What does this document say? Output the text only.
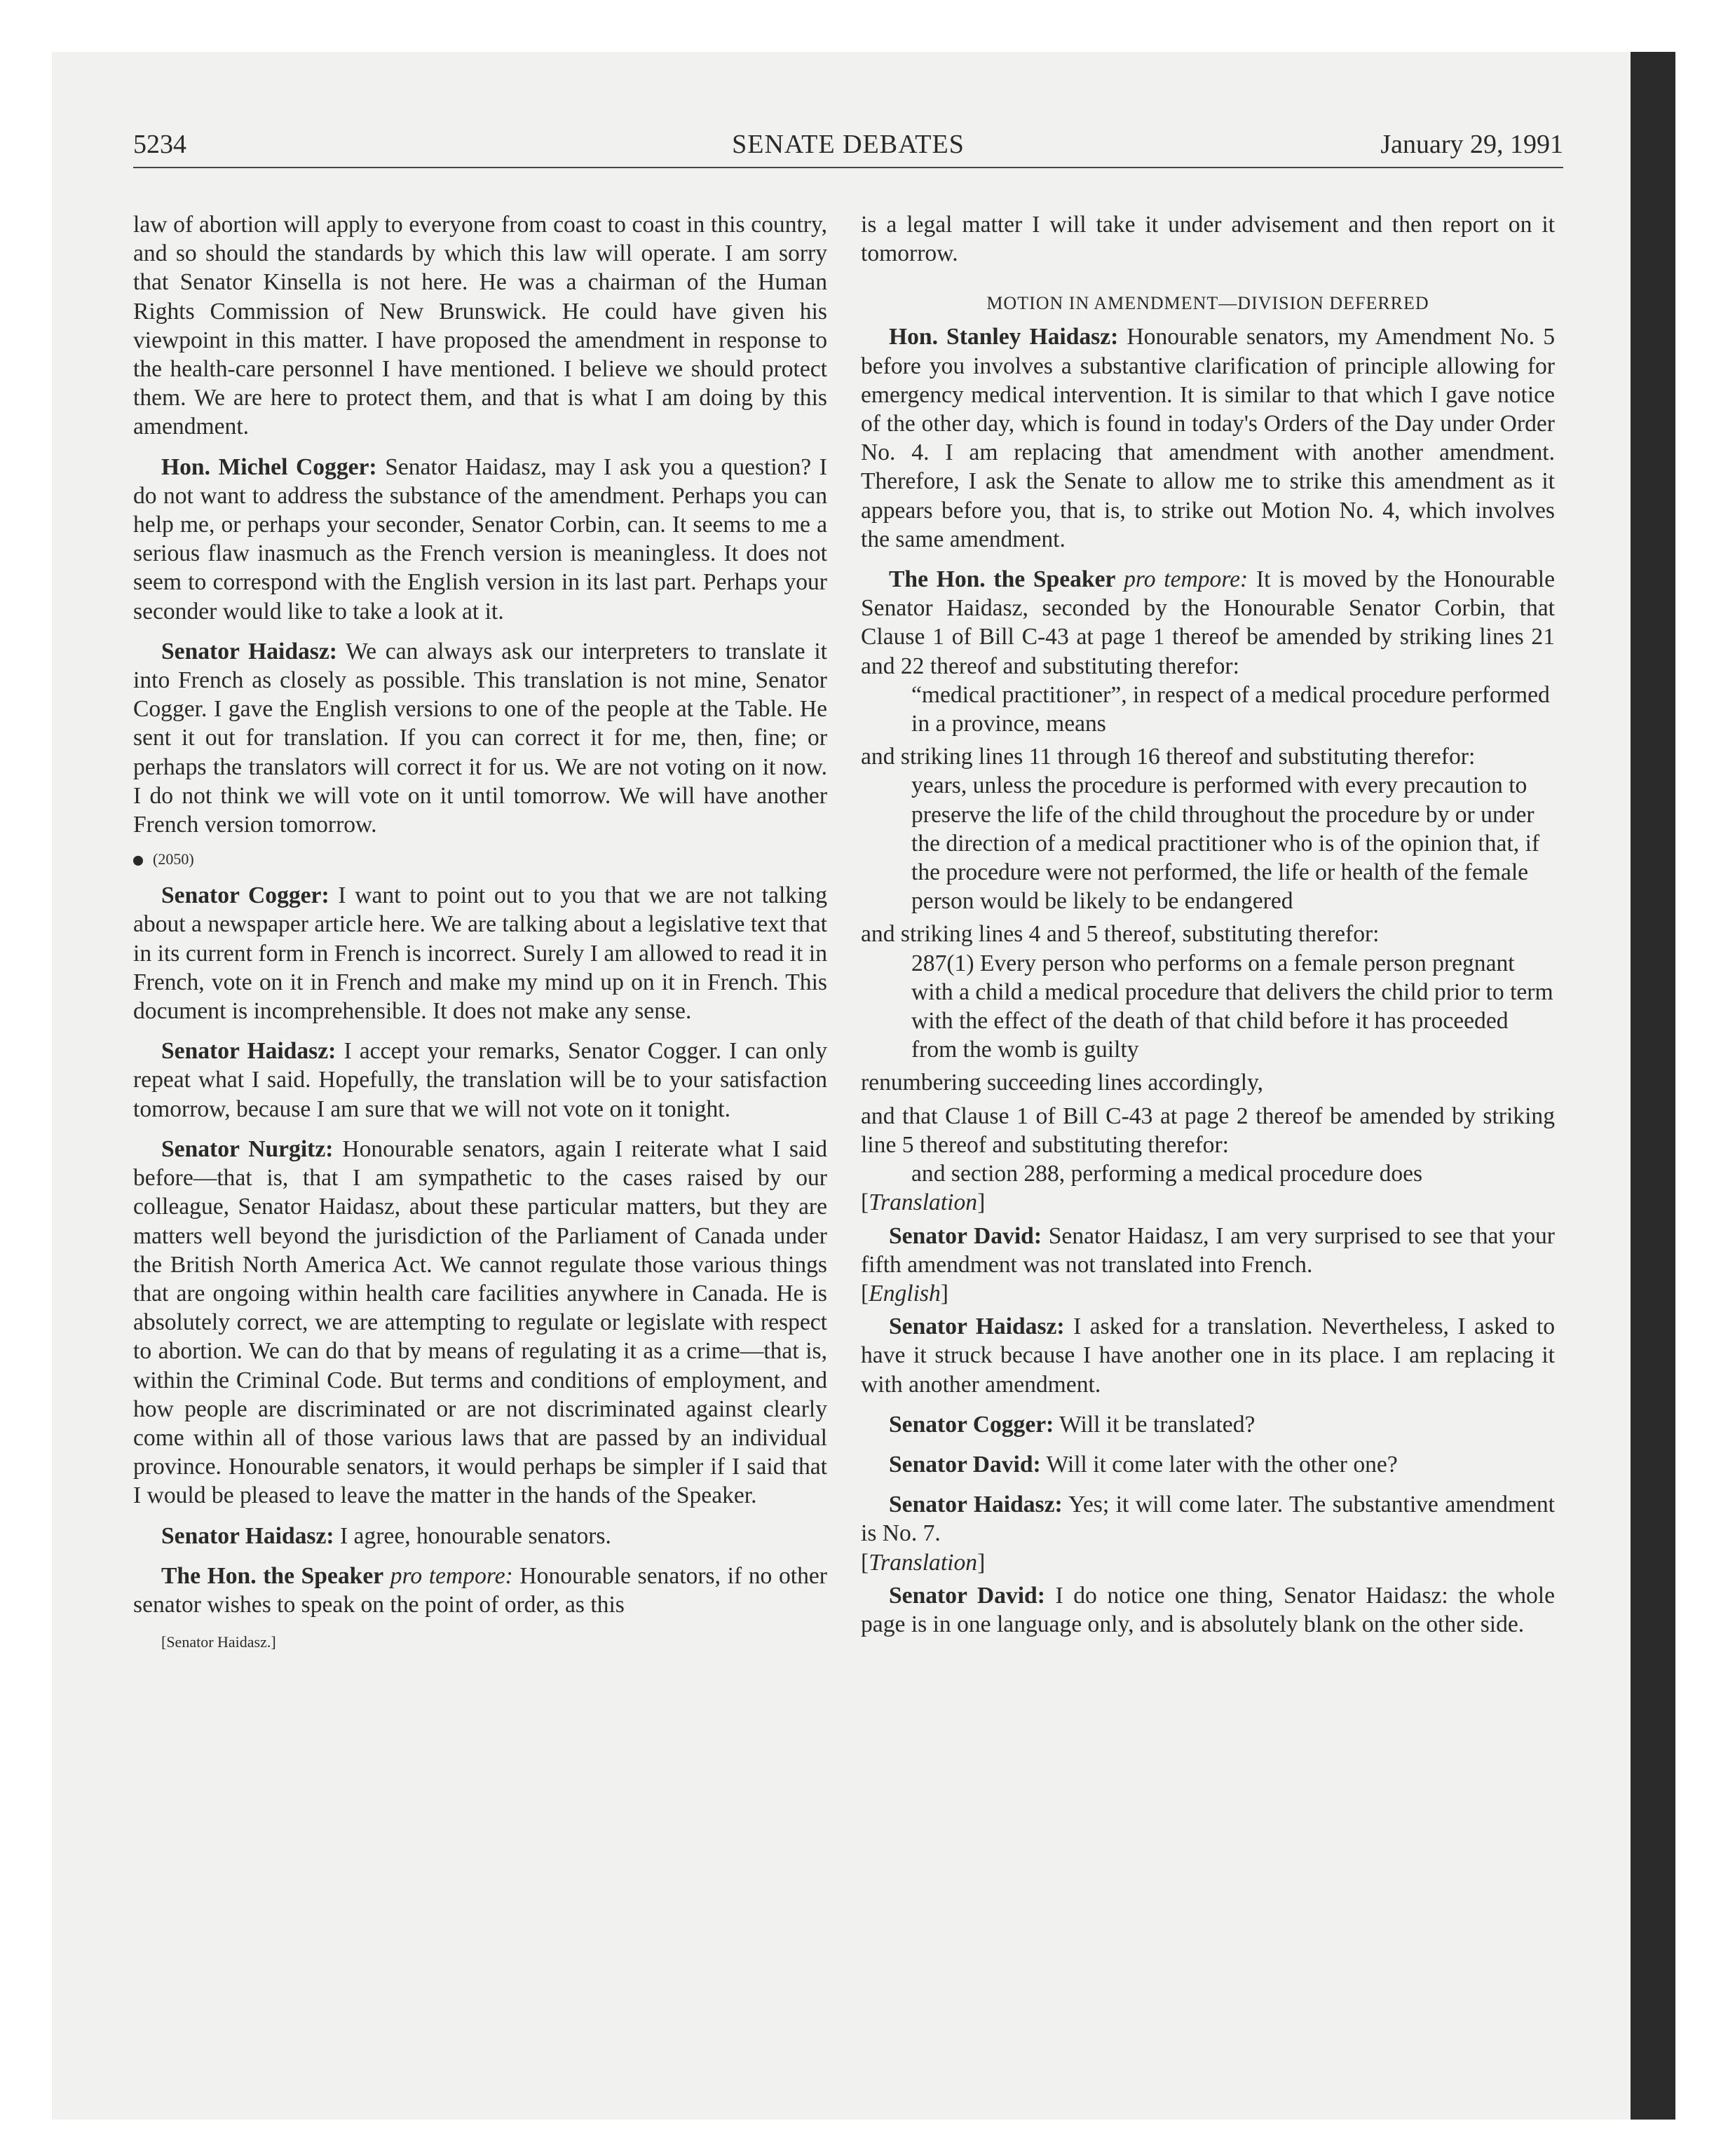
5234	SENATE DEBATES	January 29, 1991

law of abortion will apply to everyone from coast to coast in this country, and so should the standards by which this law will operate. I am sorry that Senator Kinsella is not here. He was a chairman of the Human Rights Commission of New Brunswick. He could have given his viewpoint in this matter. I have proposed the amendment in response to the health-care personnel I have mentioned. I believe we should protect them. We are here to protect them, and that is what I am doing by this amendment.

Hon. Michel Cogger: Senator Haidasz, may I ask you a question? I do not want to address the substance of the amendment. Perhaps you can help me, or perhaps your seconder, Senator Corbin, can. It seems to me a serious flaw inasmuch as the French version is meaningless. It does not seem to correspond with the English version in its last part. Perhaps your seconder would like to take a look at it.

Senator Haidasz: We can always ask our interpreters to translate it into French as closely as possible. This translation is not mine, Senator Cogger. I gave the English versions to one of the people at the Table. He sent it out for translation. If you can correct it for me, then, fine; or perhaps the translators will correct it for us. We are not voting on it now. I do not think we will vote on it until tomorrow. We will have another French version tomorrow.

(2050)

Senator Cogger: I want to point out to you that we are not talking about a newspaper article here. We are talking about a legislative text that in its current form in French is incorrect. Surely I am allowed to read it in French, vote on it in French and make my mind up on it in French. This document is incomprehensible. It does not make any sense.

Senator Haidasz: I accept your remarks, Senator Cogger. I can only repeat what I said. Hopefully, the translation will be to your satisfaction tomorrow, because I am sure that we will not vote on it tonight.

Senator Nurgitz: Honourable senators, again I reiterate what I said before—that is, that I am sympathetic to the cases raised by our colleague, Senator Haidasz, about these particular matters, but they are matters well beyond the jurisdiction of the Parliament of Canada under the British North America Act. We cannot regulate those various things that are ongoing within health care facilities anywhere in Canada. He is absolutely correct, we are attempting to regulate or legislate with respect to abortion. We can do that by means of regulating it as a crime—that is, within the Criminal Code. But terms and conditions of employment, and how people are discriminated or are not discriminated against clearly come within all of those various laws that are passed by an individual province. Honourable senators, it would perhaps be simpler if I said that I would be pleased to leave the matter in the hands of the Speaker.

Senator Haidasz: I agree, honourable senators.

The Hon. the Speaker pro tempore: Honourable senators, if no other senator wishes to speak on the point of order, as this

[Senator Haidasz.]

is a legal matter I will take it under advisement and then report on it tomorrow.

MOTION IN AMENDMENT—DIVISION DEFERRED

Hon. Stanley Haidasz: Honourable senators, my Amendment No. 5 before you involves a substantive clarification of principle allowing for emergency medical intervention. It is similar to that which I gave notice of the other day, which is found in today's Orders of the Day under Order No. 4. I am replacing that amendment with another amendment. Therefore, I ask the Senate to allow me to strike this amendment as it appears before you, that is, to strike out Motion No. 4, which involves the same amendment.

The Hon. the Speaker pro tempore: It is moved by the Honourable Senator Haidasz, seconded by the Honourable Senator Corbin, that Clause 1 of Bill C-43 at page 1 thereof be amended by striking lines 21 and 22 thereof and substituting therefor:

“medical practitioner”, in respect of a medical procedure performed in a province, means

and striking lines 11 through 16 thereof and substituting therefor:

years, unless the procedure is performed with every precaution to preserve the life of the child throughout the procedure by or under the direction of a medical practitioner who is of the opinion that, if the procedure were not performed, the life or health of the female person would be likely to be endangered

and striking lines 4 and 5 thereof, substituting therefor:

287(1) Every person who performs on a female person pregnant with a child a medical procedure that delivers the child prior to term with the effect of the death of that child before it has proceeded from the womb is guilty

renumbering succeeding lines accordingly,

and that Clause 1 of Bill C-43 at page 2 thereof be amended by striking line 5 thereof and substituting therefor:

and section 288, performing a medical procedure does

[Translation]

Senator David: Senator Haidasz, I am very surprised to see that your fifth amendment was not translated into French.

[English]

Senator Haidasz: I asked for a translation. Nevertheless, I asked to have it struck because I have another one in its place. I am replacing it with another amendment.

Senator Cogger: Will it be translated?

Senator David: Will it come later with the other one?

Senator Haidasz: Yes; it will come later. The substantive amendment is No. 7.

[Translation]

Senator David: I do notice one thing, Senator Haidasz: the whole page is in one language only, and is absolutely blank on the other side.
